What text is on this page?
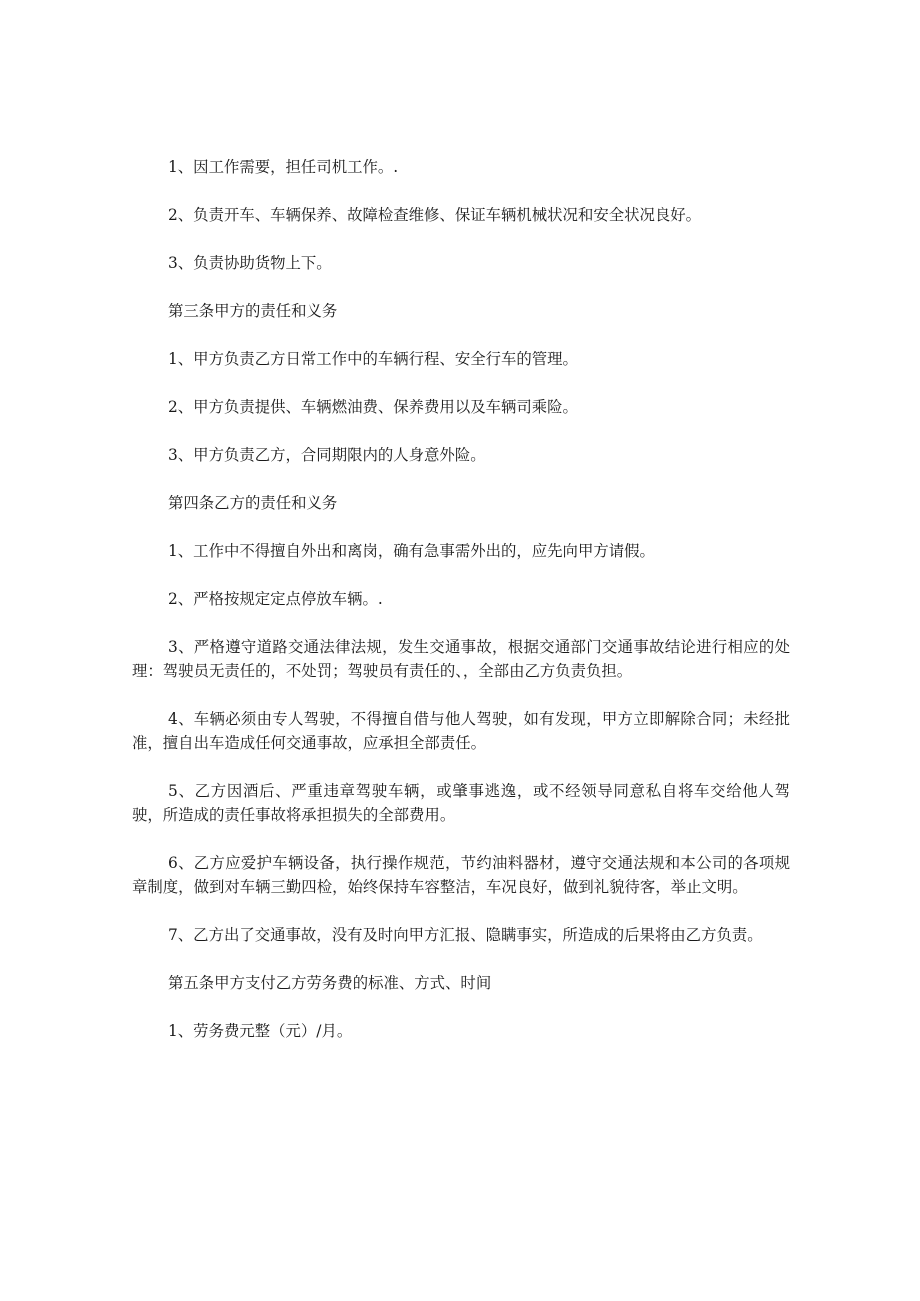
1、因工作需要，担任司机工作。.

2、负责开车、车辆保养、故障检查维修、保证车辆机械状况和安全状况良好。

3、负责协助货物上下。

第三条甲方的责任和义务

1、甲方负责乙方日常工作中的车辆行程、安全行车的管理。

2、甲方负责提供、车辆燃油费、保养费用以及车辆司乘险。

3、甲方负责乙方，合同期限内的人身意外险。

第四条乙方的责任和义务

1、工作中不得擅自外出和离岗，确有急事需外出的，应先向甲方请假。

2、严格按规定定点停放车辆。.

3、严格遵守道路交通法律法规，发生交通事故，根据交通部门交通事故结论进行相应的处理：驾驶员无责任的，不处罚；驾驶员有责任的、，全部由乙方负责负担。

4、车辆必须由专人驾驶，不得擅自借与他人驾驶，如有发现，甲方立即解除合同；未经批准，擅自出车造成任何交通事故，应承担全部责任。

5、乙方因酒后、严重违章驾驶车辆，或肇事逃逸，或不经领导同意私自将车交给他人驾驶，所造成的责任事故将承担损失的全部费用。

6、乙方应爱护车辆设备，执行操作规范，节约油料器材，遵守交通法规和本公司的各项规章制度，做到对车辆三勤四检，始终保持车容整洁，车况良好，做到礼貌待客，举止文明。

7、乙方出了交通事故，没有及时向甲方汇报、隐瞒事实，所造成的后果将由乙方负责。

第五条甲方支付乙方劳务费的标准、方式、时间

1、劳务费元整（元）/月。
